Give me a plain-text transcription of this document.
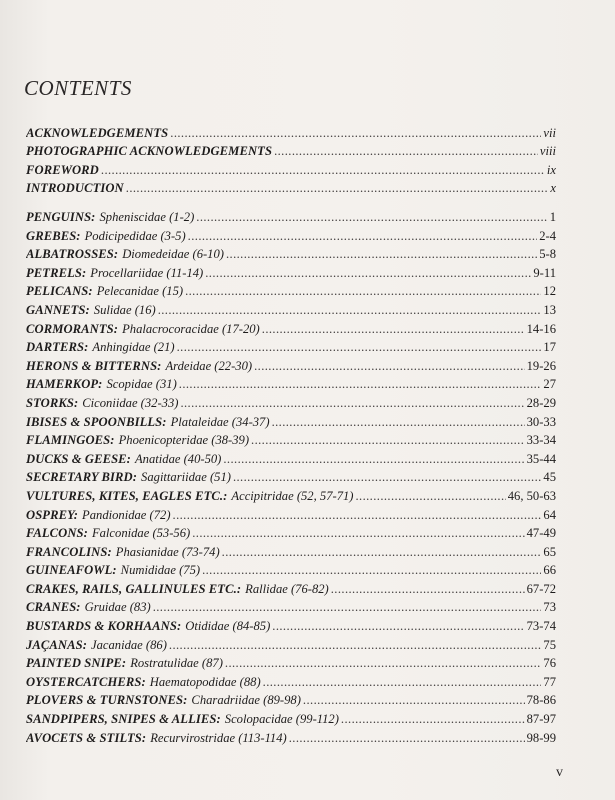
CONTENTS
ACKNOWLEDGEMENTS .....	vii
PHOTOGRAPHIC ACKNOWLEDGEMENTS .....	viii
FOREWORD .....	ix
INTRODUCTION .....	x
PENGUINS: Spheniscidae (1-2) .....	1
GREBES: Podicipedidae (3-5) .....	2-4
ALBATROSSES: Diomedeidae (6-10) .....	5-8
PETRELS: Procellariidae (11-14) .....	9-11
PELICANS: Pelecanidae (15) .....	12
GANNETS: Sulidae (16) .....	13
CORMORANTS: Phalacrocoracidae (17-20) .....	14-16
DARTERS: Anhingidae (21) .....	17
HERONS & BITTERNS: Ardeidae (22-30) .....	19-26
HAMERKOP: Scopidae (31) .....	27
STORKS: Ciconiidae (32-33) .....	28-29
IBISES & SPOONBILLS: Plataleidae (34-37) .....	30-33
FLAMINGOES: Phoenicopteridae (38-39) .....	33-34
DUCKS & GEESE: Anatidae (40-50) .....	35-44
SECRETARY BIRD: Sagittariidae (51) .....	45
VULTURES, KITES, EAGLES ETC.: Accipitridae (52, 57-71) .....	46, 50-63
OSPREY: Pandionidae (72) .....	64
FALCONS: Falconidae (53-56) .....	47-49
FRANCOLINS: Phasianidae (73-74) .....	65
GUINEAFOWL: Numididae (75) .....	66
CRAKES, RAILS, GALLINULES ETC.: Rallidae (76-82) .....	67-72
CRANES: Gruidae (83) .....	73
BUSTARDS & KORHAANS: Otididae (84-85) .....	73-74
JAÇANAS: Jacanidae (86) .....	75
PAINTED SNIPE: Rostratulidae (87) .....	76
OYSTERCATCHERS: Haematopodidae (88) .....	77
PLOVERS & TURNSTONES: Charadriidae (89-98) .....	78-86
SANDPIPERS, SNIPES & ALLIES: Scolopacidae (99-112) .....	87-97
AVOCETS & STILTS: Recurvirostridae (113-114) .....	98-99
v
